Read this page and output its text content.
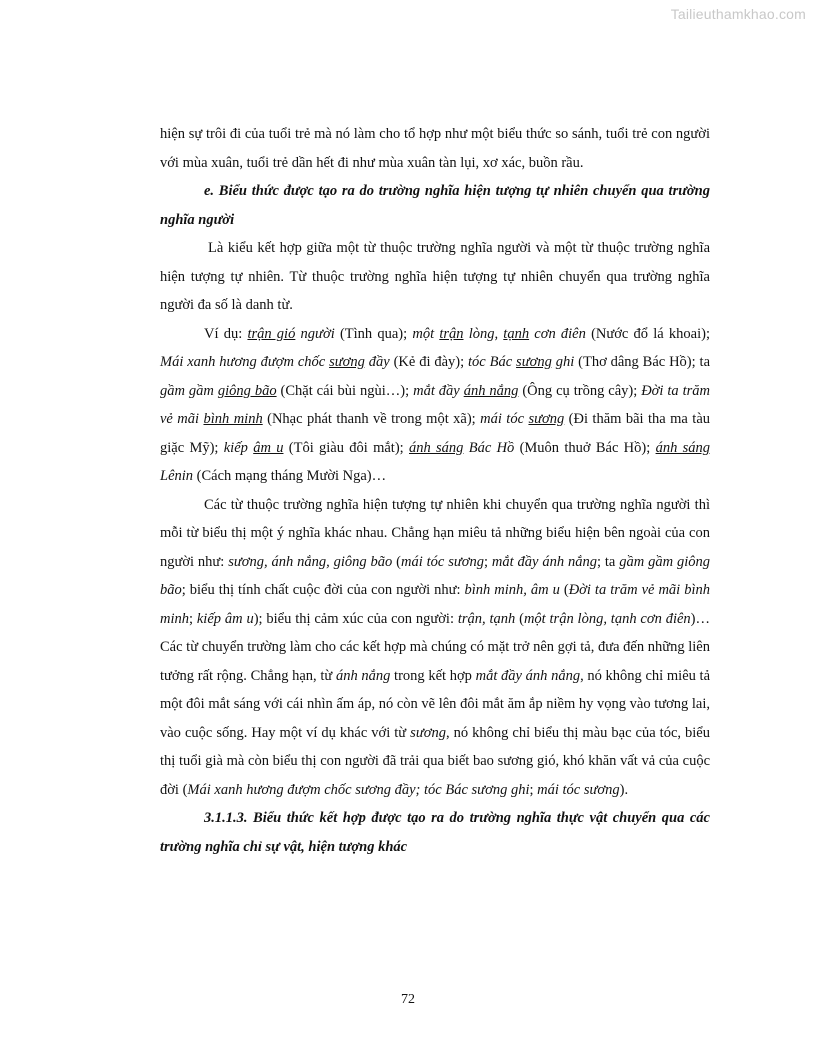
Tailieuthamkhao.com

hiện sự trôi đi của tuổi trẻ mà nó làm cho tổ hợp như một biểu thức so sánh, tuổi trẻ con người với mùa xuân, tuổi trẻ dần hết đi như mùa xuân tàn lụi, xơ xác, buồn rầu.

e. Biểu thức được tạo ra do trường nghĩa hiện tượng tự nhiên chuyển qua trường nghĩa người

Là kiểu kết hợp giữa một từ thuộc trường nghĩa người và một từ thuộc trường nghĩa hiện tượng tự nhiên. Từ thuộc trường nghĩa hiện tượng tự nhiên chuyển qua trường nghĩa người đa số là danh từ.

Ví dụ: trận gió người (Tình qua); một trận lòng, tạnh cơn điên (Nước đổ lá khoai); Mái xanh hương đượm chốc sương đầy (Kẻ đi đày); tóc Bác sương ghi (Thơ dâng Bác Hồ); ta gầm gầm giông bão (Chặt cái bùi ngùi…); mắt đầy ánh nắng (Ông cụ trồng cây); Đời ta trăm vẻ mãi bình minh (Nhạc phát thanh về trong một xã); mái tóc sương (Đi thăm bãi tha ma tàu giặc Mỹ); kiếp âm u (Tôi giàu đôi mắt); ánh sáng Bác Hồ (Muôn thuở Bác Hồ); ánh sáng Lênin (Cách mạng tháng Mười Nga)…

Các từ thuộc trường nghĩa hiện tượng tự nhiên khi chuyển qua trường nghĩa người thì mỗi từ biểu thị một ý nghĩa khác nhau. Chẳng hạn miêu tả những biểu hiện bên ngoài của con người như: sương, ánh nắng, giông bão (mái tóc sương; mắt đầy ánh nắng; ta gầm gầm giông bão; biểu thị tính chất cuộc đời của con người như: bình minh, âm u (Đời ta trăm vẻ mãi bình minh; kiếp âm u); biểu thị cảm xúc của con người: trận, tạnh (một trận lòng, tạnh cơn điên)… Các từ chuyển trường làm cho các kết hợp mà chúng có mặt trở nên gợi tả, đưa đến những liên tưởng rất rộng. Chẳng hạn, từ ánh nắng trong kết hợp mắt đầy ánh nắng, nó không chỉ miêu tả một đôi mắt sáng với cái nhìn ấm áp, nó còn vẽ lên đôi mắt ăm ắp niềm hy vọng vào tương lai, vào cuộc sống. Hay một ví dụ khác với từ sương, nó không chỉ biểu thị màu bạc của tóc, biểu thị tuổi già mà còn biểu thị con người đã trải qua biết bao sương gió, khó khăn vất vả của cuộc đời (Mái xanh hương đượm chốc sương đầy; tóc Bác sương ghi; mái tóc sương).

3.1.1.3. Biểu thức kết hợp được tạo ra do trường nghĩa thực vật chuyển qua các trường nghĩa chỉ sự vật, hiện tượng khác

72
